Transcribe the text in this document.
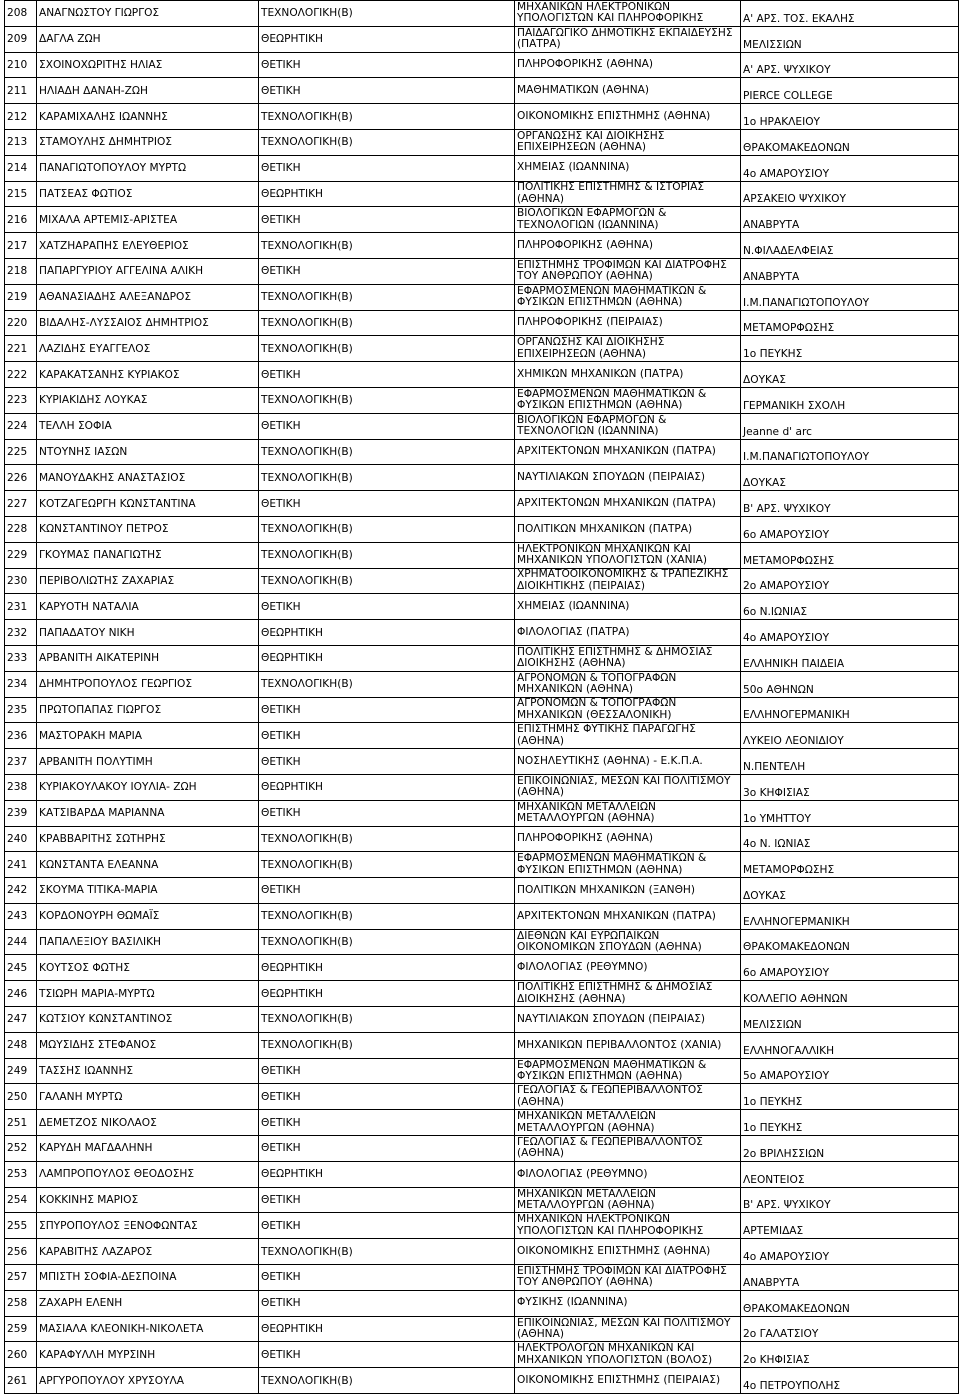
208	ΑΝΑΓΝΩΣΤΟΥ ΓΙΩΡΓΟΣ	ΤΕΧΝΟΛΟΓΙΚΗ(Β)	ΜΗΧΑΝΙΚΩΝ ΗΛΕΚΤΡΟΝΙΚΩΝ ΥΠΟΛΟΓΙΣΤΩΝ ΚΑΙ ΠΛΗΡΟΦΟΡΙΚΗΣ	Α' ΑΡΣ. ΤΟΣ. ΕΚΑΛΗΣ
209	ΔΑΓΛΑ ΖΩΗ	ΘΕΩΡΗΤΙΚΗ	ΠΑΙΔΑΓΩΓΙΚΟ ΔΗΜΟΤΙΚΗΣ ΕΚΠΑΙΔΕΥΣΗΣ (ΠΑΤΡΑ)	ΜΕΛΙΣΣΙΩΝ
210	ΣΧΟΙΝΟΧΩΡΙΤΗΣ ΗΛΙΑΣ	ΘΕΤΙΚΗ	ΠΛΗΡΟΦΟΡΙΚΗΣ (ΑΘΗΝΑ)	Α' ΑΡΣ. ΨΥΧΙΚΟΥ
211	ΗΛΙΑΔΗ ΔΑΝΑΗ-ΖΩΗ	ΘΕΤΙΚΗ	ΜΑΘΗΜΑΤΙΚΩΝ (ΑΘΗΝΑ)	PIERCE COLLEGE
212	ΚΑΡΑΜΙΧΑΛΗΣ ΙΩΑΝΝΗΣ	ΤΕΧΝΟΛΟΓΙΚΗ(Β)	ΟΙΚΟΝΟΜΙΚΗΣ ΕΠΙΣΤΗΜΗΣ (ΑΘΗΝΑ)	1ο ΗΡΑΚΛΕΙΟΥ
213	ΣΤΑΜΟΥΛΗΣ ΔΗΜΗΤΡΙΟΣ	ΤΕΧΝΟΛΟΓΙΚΗ(Β)	ΟΡΓΑΝΩΣΗΣ ΚΑΙ ΔΙΟΙΚΗΣΗΣ ΕΠΙΧΕΙΡΗΣΕΩΝ (ΑΘΗΝΑ)	ΘΡΑΚΟΜΑΚΕΔΟΝΩΝ
214	ΠΑΝΑΓΙΩΤΟΠΟΥΛΟΥ ΜΥΡΤΩ	ΘΕΤΙΚΗ	ΧΗΜΕΙΑΣ (ΙΩΑΝΝΙΝΑ)	4ο ΑΜΑΡΟΥΣΙΟΥ
215	ΠΑΤΣΕΑΣ ΦΩΤΙΟΣ	ΘΕΩΡΗΤΙΚΗ	ΠΟΛΙΤΙΚΗΣ ΕΠΙΣΤΗΜΗΣ & ΙΣΤΟΡΙΑΣ (ΑΘΗΝΑ)	ΑΡΣΑΚΕΙΟ ΨΥΧΙΚΟΥ
216	ΜΙΧΑΛΑ ΑΡΤΕΜΙΣ-ΑΡΙΣΤΕΑ	ΘΕΤΙΚΗ	ΒΙΟΛΟΓΙΚΩΝ ΕΦΑΡΜΟΓΩΝ & ΤΕΧΝΟΛΟΓΙΩΝ (ΙΩΑΝΝΙΝΑ)	ΑΝΑΒΡΥΤΑ
217	ΧΑΤΖΗΑΡΑΠΗΣ ΕΛΕΥΘΕΡΙΟΣ	ΤΕΧΝΟΛΟΓΙΚΗ(Β)	ΠΛΗΡΟΦΟΡΙΚΗΣ (ΑΘΗΝΑ)	Ν.ΦΙΛΑΔΕΛΦΕΙΑΣ
218	ΠΑΠΑΡΓΥΡΙΟΥ ΑΓΓΕΛΙΝΑ ΑΛΙΚΗ	ΘΕΤΙΚΗ	ΕΠΙΣΤΗΜΗΣ ΤΡΟΦΙΜΩΝ ΚΑΙ ΔΙΑΤΡΟΦΗΣ ΤΟΥ ΑΝΘΡΩΠΟΥ (ΑΘΗΝΑ)	ΑΝΑΒΡΥΤΑ
219	ΑΘΑΝΑΣΙΑΔΗΣ ΑΛΕΞΑΝΔΡΟΣ	ΤΕΧΝΟΛΟΓΙΚΗ(Β)	ΕΦΑΡΜΟΣΜΕΝΩΝ ΜΑΘΗΜΑΤΙΚΩΝ & ΦΥΣΙΚΩΝ ΕΠΙΣΤΗΜΩΝ (ΑΘΗΝΑ)	Ι.Μ.ΠΑΝΑΓΙΩΤΟΠΟΥΛΟΥ
220	ΒΙΔΑΛΗΣ-ΛΥΣΣΑΙΟΣ ΔΗΜΗΤΡΙΟΣ	ΤΕΧΝΟΛΟΓΙΚΗ(Β)	ΠΛΗΡΟΦΟΡΙΚΗΣ (ΠΕΙΡΑΙΑΣ)	ΜΕΤΑΜΟΡΦΩΣΗΣ
221	ΛΑΖΙΔΗΣ ΕΥΑΓΓΕΛΟΣ	ΤΕΧΝΟΛΟΓΙΚΗ(Β)	ΟΡΓΑΝΩΣΗΣ ΚΑΙ ΔΙΟΙΚΗΣΗΣ ΕΠΙΧΕΙΡΗΣΕΩΝ (ΑΘΗΝΑ)	1ο ΠΕΥΚΗΣ
222	ΚΑΡΑΚΑΤΣΑΝΗΣ ΚΥΡΙΑΚΟΣ	ΘΕΤΙΚΗ	ΧΗΜΙΚΩΝ ΜΗΧΑΝΙΚΩΝ (ΠΑΤΡΑ)	ΔΟΥΚΑΣ
223	ΚΥΡΙΑΚΙΔΗΣ ΛΟΥΚΑΣ	ΤΕΧΝΟΛΟΓΙΚΗ(Β)	ΕΦΑΡΜΟΣΜΕΝΩΝ ΜΑΘΗΜΑΤΙΚΩΝ & ΦΥΣΙΚΩΝ ΕΠΙΣΤΗΜΩΝ (ΑΘΗΝΑ)	ΓΕΡΜΑΝΙΚΗ ΣΧΟΛΗ
224	ΤΕΛΛΗ ΣΟΦΙΑ	ΘΕΤΙΚΗ	ΒΙΟΛΟΓΙΚΩΝ ΕΦΑΡΜΟΓΩΝ & ΤΕΧΝΟΛΟΓΙΩΝ (ΙΩΑΝΝΙΝΑ)	Jeanne d' arc
225	ΝΤΟΥΝΗΣ ΙΑΣΩΝ	ΤΕΧΝΟΛΟΓΙΚΗ(Β)	ΑΡΧΙΤΕΚΤΟΝΩΝ ΜΗΧΑΝΙΚΩΝ (ΠΑΤΡΑ)	Ι.Μ.ΠΑΝΑΓΙΩΤΟΠΟΥΛΟΥ
226	ΜΑΝΟΥΔΑΚΗΣ ΑΝΑΣΤΑΣΙΟΣ	ΤΕΧΝΟΛΟΓΙΚΗ(Β)	ΝΑΥΤΙΛΙΑΚΩΝ ΣΠΟΥΔΩΝ (ΠΕΙΡΑΙΑΣ)	ΔΟΥΚΑΣ
227	ΚΟΤΖΑΓΕΩΡΓΗ ΚΩΝΣΤΑΝΤΙΝΑ	ΘΕΤΙΚΗ	ΑΡΧΙΤΕΚΤΟΝΩΝ ΜΗΧΑΝΙΚΩΝ (ΠΑΤΡΑ)	Β' ΑΡΣ. ΨΥΧΙΚΟΥ
228	ΚΩΝΣΤΑΝΤΙΝΟΥ ΠΕΤΡΟΣ	ΤΕΧΝΟΛΟΓΙΚΗ(Β)	ΠΟΛΙΤΙΚΩΝ ΜΗΧΑΝΙΚΩΝ (ΠΑΤΡΑ)	6ο ΑΜΑΡΟΥΣΙΟΥ
229	ΓΚΟΥΜΑΣ ΠΑΝΑΓΙΩΤΗΣ	ΤΕΧΝΟΛΟΓΙΚΗ(Β)	ΗΛΕΚΤΡΟΝΙΚΩΝ ΜΗΧΑΝΙΚΩΝ ΚΑΙ ΜΗΧΑΝΙΚΩΝ ΥΠΟΛΟΓΙΣΤΩΝ (ΧΑΝΙΑ)	ΜΕΤΑΜΟΡΦΩΣΗΣ
230	ΠΕΡΙΒΟΛΙΩΤΗΣ ΖΑΧΑΡΙΑΣ	ΤΕΧΝΟΛΟΓΙΚΗ(Β)	ΧΡΗΜΑΤΟΟΙΚΟΝΟΜΙΚΗΣ & ΤΡΑΠΕΖΙΚΗΣ ΔΙΟΙΚΗΤΙΚΗΣ (ΠΕΙΡΑΙΑΣ)	2ο ΑΜΑΡΟΥΣΙΟΥ
231	ΚΑΡΥΟΤΗ ΝΑΤΑΛΙΑ	ΘΕΤΙΚΗ	ΧΗΜΕΙΑΣ (ΙΩΑΝΝΙΝΑ)	6ο Ν.ΙΩΝΙΑΣ
232	ΠΑΠΑΔΑΤΟΥ ΝΙΚΗ	ΘΕΩΡΗΤΙΚΗ	ΦΙΛΟΛΟΓΙΑΣ (ΠΑΤΡΑ)	4ο ΑΜΑΡΟΥΣΙΟΥ
233	ΑΡΒΑΝΙΤΗ ΑΙΚΑΤΕΡΙΝΗ	ΘΕΩΡΗΤΙΚΗ	ΠΟΛΙΤΙΚΗΣ ΕΠΙΣΤΗΜΗΣ & ΔΗΜΟΣΙΑΣ ΔΙΟΙΚΗΣΗΣ (ΑΘΗΝΑ)	ΕΛΛΗΝΙΚΗ ΠΑΙΔΕΙΑ
234	ΔΗΜΗΤΡΟΠΟΥΛΟΣ ΓΕΩΡΓΙΟΣ	ΤΕΧΝΟΛΟΓΙΚΗ(Β)	ΑΓΡΟΝΟΜΩΝ & ΤΟΠΟΓΡΑΦΩΝ ΜΗΧΑΝΙΚΩΝ (ΑΘΗΝΑ)	50ο ΑΘΗΝΩΝ
235	ΠΡΩΤΟΠΑΠΑΣ ΓΙΩΡΓΟΣ	ΘΕΤΙΚΗ	ΑΓΡΟΝΟΜΩΝ & ΤΟΠΟΓΡΑΦΩΝ ΜΗΧΑΝΙΚΩΝ (ΘΕΣΣΑΛΟΝΙΚΗ)	ΕΛΛΗΝΟΓΕΡΜΑΝΙΚΗ
236	ΜΑΣΤΟΡΑΚΗ ΜΑΡΙΑ	ΘΕΤΙΚΗ	ΕΠΙΣΤΗΜΗΣ ΦΥΤΙΚΗΣ ΠΑΡΑΓΩΓΗΣ (ΑΘΗΝΑ)	ΛΥΚΕΙΟ ΛΕΟΝΙΔΙΟΥ
237	ΑΡΒΑΝΙΤΗ ΠΟΛΥΤΙΜΗ	ΘΕΤΙΚΗ	ΝΟΣΗΛΕΥΤΙΚΗΣ (ΑΘΗΝΑ) - Ε.Κ.Π.Α.	Ν.ΠΕΝΤΕΛΗ
238	ΚΥΡΙΑΚΟΥΛΑΚΟΥ ΙΟΥΛΙΑ- ΖΩΗ	ΘΕΩΡΗΤΙΚΗ	ΕΠΙΚΟΙΝΩΝΙΑΣ, ΜΕΣΩΝ ΚΑΙ ΠΟΛΙΤΙΣΜΟΥ (ΑΘΗΝΑ)	3ο ΚΗΦΙΣΙΑΣ
239	ΚΑΤΣΙΒΑΡΔΑ ΜΑΡΙΑΝΝΑ	ΘΕΤΙΚΗ	ΜΗΧΑΝΙΚΩΝ ΜΕΤΑΛΛΕΙΩΝ ΜΕΤΑΛΛΟΥΡΓΩΝ (ΑΘΗΝΑ)	1ο ΥΜΗΤΤΟΥ
240	ΚΡΑΒΒΑΡΙΤΗΣ ΣΩΤΗΡΗΣ	ΤΕΧΝΟΛΟΓΙΚΗ(Β)	ΠΛΗΡΟΦΟΡΙΚΗΣ (ΑΘΗΝΑ)	4ο Ν. ΙΩΝΙΑΣ
241	ΚΩΝΣΤΑΝΤΑ ΕΛΕΑΝΝΑ	ΤΕΧΝΟΛΟΓΙΚΗ(Β)	ΕΦΑΡΜΟΣΜΕΝΩΝ ΜΑΘΗΜΑΤΙΚΩΝ & ΦΥΣΙΚΩΝ ΕΠΙΣΤΗΜΩΝ (ΑΘΗΝΑ)	ΜΕΤΑΜΟΡΦΩΣΗΣ
242	ΣΚΟΥΜΑ ΤΙΤΙΚΑ-ΜΑΡΙΑ	ΘΕΤΙΚΗ	ΠΟΛΙΤΙΚΩΝ ΜΗΧΑΝΙΚΩΝ (ΞΑΝΘΗ)	ΔΟΥΚΑΣ
243	ΚΟΡΔΟΝΟΥΡΗ ΘΩΜΑΪΣ	ΤΕΧΝΟΛΟΓΙΚΗ(Β)	ΑΡΧΙΤΕΚΤΟΝΩΝ ΜΗΧΑΝΙΚΩΝ (ΠΑΤΡΑ)	ΕΛΛΗΝΟΓΕΡΜΑΝΙΚΗ
244	ΠΑΠΑΛΕΞΙΟΥ ΒΑΣΙΛΙΚΗ	ΤΕΧΝΟΛΟΓΙΚΗ(Β)	ΔΙΕΘΝΩΝ ΚΑΙ ΕΥΡΩΠΑΪΚΩΝ ΟΙΚΟΝΟΜΙΚΩΝ ΣΠΟΥΔΩΝ (ΑΘΗΝΑ)	ΘΡΑΚΟΜΑΚΕΔΟΝΩΝ
245	ΚΟΥΤΣΟΣ ΦΩΤΗΣ	ΘΕΩΡΗΤΙΚΗ	ΦΙΛΟΛΟΓΙΑΣ (ΡΕΘΥΜΝΟ)	6ο ΑΜΑΡΟΥΣΙΟΥ
246	ΤΣΙΩΡΗ ΜΑΡΙΑ-ΜΥΡΤΩ	ΘΕΩΡΗΤΙΚΗ	ΠΟΛΙΤΙΚΗΣ ΕΠΙΣΤΗΜΗΣ & ΔΗΜΟΣΙΑΣ ΔΙΟΙΚΗΣΗΣ (ΑΘΗΝΑ)	ΚΟΛΛΕΓΙΟ ΑΘΗΝΩΝ
247	ΚΩΤΣΙΟΥ ΚΩΝΣΤΑΝΤΙΝΟΣ	ΤΕΧΝΟΛΟΓΙΚΗ(Β)	ΝΑΥΤΙΛΙΑΚΩΝ ΣΠΟΥΔΩΝ (ΠΕΙΡΑΙΑΣ)	ΜΕΛΙΣΣΙΩΝ
248	ΜΩΥΣΙΔΗΣ ΣΤΕΦΑΝΟΣ	ΤΕΧΝΟΛΟΓΙΚΗ(Β)	ΜΗΧΑΝΙΚΩΝ ΠΕΡΙΒΑΛΛΟΝΤΟΣ (ΧΑΝΙΑ)	ΕΛΛΗΝΟΓΑΛΛΙΚΗ
249	ΤΑΣΣΗΣ ΙΩΑΝΝΗΣ	ΘΕΤΙΚΗ	ΕΦΑΡΜΟΣΜΕΝΩΝ ΜΑΘΗΜΑΤΙΚΩΝ & ΦΥΣΙΚΩΝ ΕΠΙΣΤΗΜΩΝ (ΑΘΗΝΑ)	5ο ΑΜΑΡΟΥΣΙΟΥ
250	ΓΑΛΑΝΗ ΜΥΡΤΩ	ΘΕΤΙΚΗ	ΓΕΩΛΟΓΙΑΣ & ΓΕΩΠΕΡΙΒΑΛΛΟΝΤΟΣ (ΑΘΗΝΑ)	1ο ΠΕΥΚΗΣ
251	ΔΕΜΕΤΖΟΣ ΝΙΚΟΛΑΟΣ	ΘΕΤΙΚΗ	ΜΗΧΑΝΙΚΩΝ ΜΕΤΑΛΛΕΙΩΝ ΜΕΤΑΛΛΟΥΡΓΩΝ (ΑΘΗΝΑ)	1ο ΠΕΥΚΗΣ
252	ΚΑΡΥΔΗ ΜΑΓΔΑΛΗΝΗ	ΘΕΤΙΚΗ	ΓΕΩΛΟΓΙΑΣ & ΓΕΩΠΕΡΙΒΑΛΛΟΝΤΟΣ (ΑΘΗΝΑ)	2ο ΒΡΙΛΗΣΣΙΩΝ
253	ΛΑΜΠΡΟΠΟΥΛΟΣ ΘΕΟΔΟΣΗΣ	ΘΕΩΡΗΤΙΚΗ	ΦΙΛΟΛΟΓΙΑΣ (ΡΕΘΥΜΝΟ)	ΛΕΟΝΤΕΙΟΣ
254	ΚΟΚΚΙΝΗΣ ΜΑΡΙΟΣ	ΘΕΤΙΚΗ	ΜΗΧΑΝΙΚΩΝ ΜΕΤΑΛΛΕΙΩΝ ΜΕΤΑΛΛΟΥΡΓΩΝ (ΑΘΗΝΑ)	Β' ΑΡΣ. ΨΥΧΙΚΟΥ
255	ΣΠΥΡΟΠΟΥΛΟΣ ΞΕΝΟΦΩΝΤΑΣ	ΘΕΤΙΚΗ	ΜΗΧΑΝΙΚΩΝ ΗΛΕΚΤΡΟΝΙΚΩΝ ΥΠΟΛΟΓΙΣΤΩΝ ΚΑΙ ΠΛΗΡΟΦΟΡΙΚΗΣ	ΑΡΤΕΜΙΔΑΣ
256	ΚΑΡΑΒΙΤΗΣ ΛΑΖΑΡΟΣ	ΤΕΧΝΟΛΟΓΙΚΗ(Β)	ΟΙΚΟΝΟΜΙΚΗΣ ΕΠΙΣΤΗΜΗΣ (ΑΘΗΝΑ)	4ο ΑΜΑΡΟΥΣΙΟΥ
257	ΜΠΙΣΤΗ ΣΟΦΙΑ-ΔΕΣΠΟΙΝΑ	ΘΕΤΙΚΗ	ΕΠΙΣΤΗΜΗΣ ΤΡΟΦΙΜΩΝ ΚΑΙ ΔΙΑΤΡΟΦΗΣ ΤΟΥ ΑΝΘΡΩΠΟΥ (ΑΘΗΝΑ)	ΑΝΑΒΡΥΤΑ
258	ΖΑΧΑΡΗ ΕΛΕΝΗ	ΘΕΤΙΚΗ	ΦΥΣΙΚΗΣ (ΙΩΑΝΝΙΝΑ)	ΘΡΑΚΟΜΑΚΕΔΟΝΩΝ
259	ΜΑΣΙΑΛΑ ΚΛΕΟΝΙΚΗ-ΝΙΚΟΛΕΤΑ	ΘΕΩΡΗΤΙΚΗ	ΕΠΙΚΟΙΝΩΝΙΑΣ, ΜΕΣΩΝ ΚΑΙ ΠΟΛΙΤΙΣΜΟΥ (ΑΘΗΝΑ)	2ο ΓΑΛΑΤΣΙΟΥ
260	ΚΑΡΑΦΥΛΛΗ ΜΥΡΣΙΝΗ	ΘΕΤΙΚΗ	ΗΛΕΚΤΡΟΛΟΓΩΝ ΜΗΧΑΝΙΚΩΝ ΚΑΙ ΜΗΧΑΝΙΚΩΝ ΥΠΟΛΟΓΙΣΤΩΝ (ΒΟΛΟΣ)	2ο ΚΗΦΙΣΙΑΣ
261	ΑΡΓΥΡΟΠΟΥΛΟΥ ΧΡΥΣΟΥΛΑ	ΤΕΧΝΟΛΟΓΙΚΗ(Β)	ΟΙΚΟΝΟΜΙΚΗΣ ΕΠΙΣΤΗΜΗΣ (ΠΕΙΡΑΙΑΣ)	4ο ΠΕΤΡΟΥΠΟΛΗΣ
